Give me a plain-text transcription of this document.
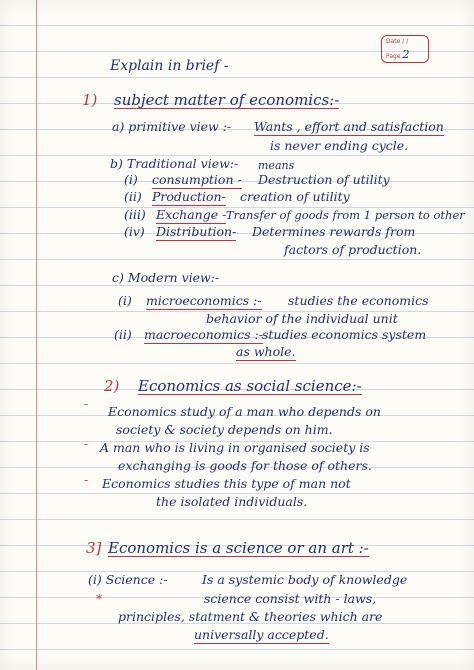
Date / /
Page 2
Explain in brief -
1) subject matter of economics:-
a) primitive view :- Wants , effort and satisfaction
is never ending cycle.
b) Traditional view:- means
(i) consumption - Destruction of utility
(ii) Production- creation of utility
(iii) Exchange - Transfer of goods from 1 person to other
(iv) Distribution- Determines rewards from
factors of production.
c) Modern view:-
(i) microeconomics :- studies the economics
behavior of the individual unit
(ii) macroeconomics :- studies economics system
as whole.
2) Economics as social science:-
-
Economics study of a man who depends on
society & society depends on him.
- A man who is living in organised society is
exchanging is goods for those of others.
- Economics studies this type of man not
the isolated individuals.
3] Economics is a science or an art :-
(i) Science :-	Is a systemic body of knowledge
*	science consist with - laws,
principles, statment & theories which are
universally accepted.
